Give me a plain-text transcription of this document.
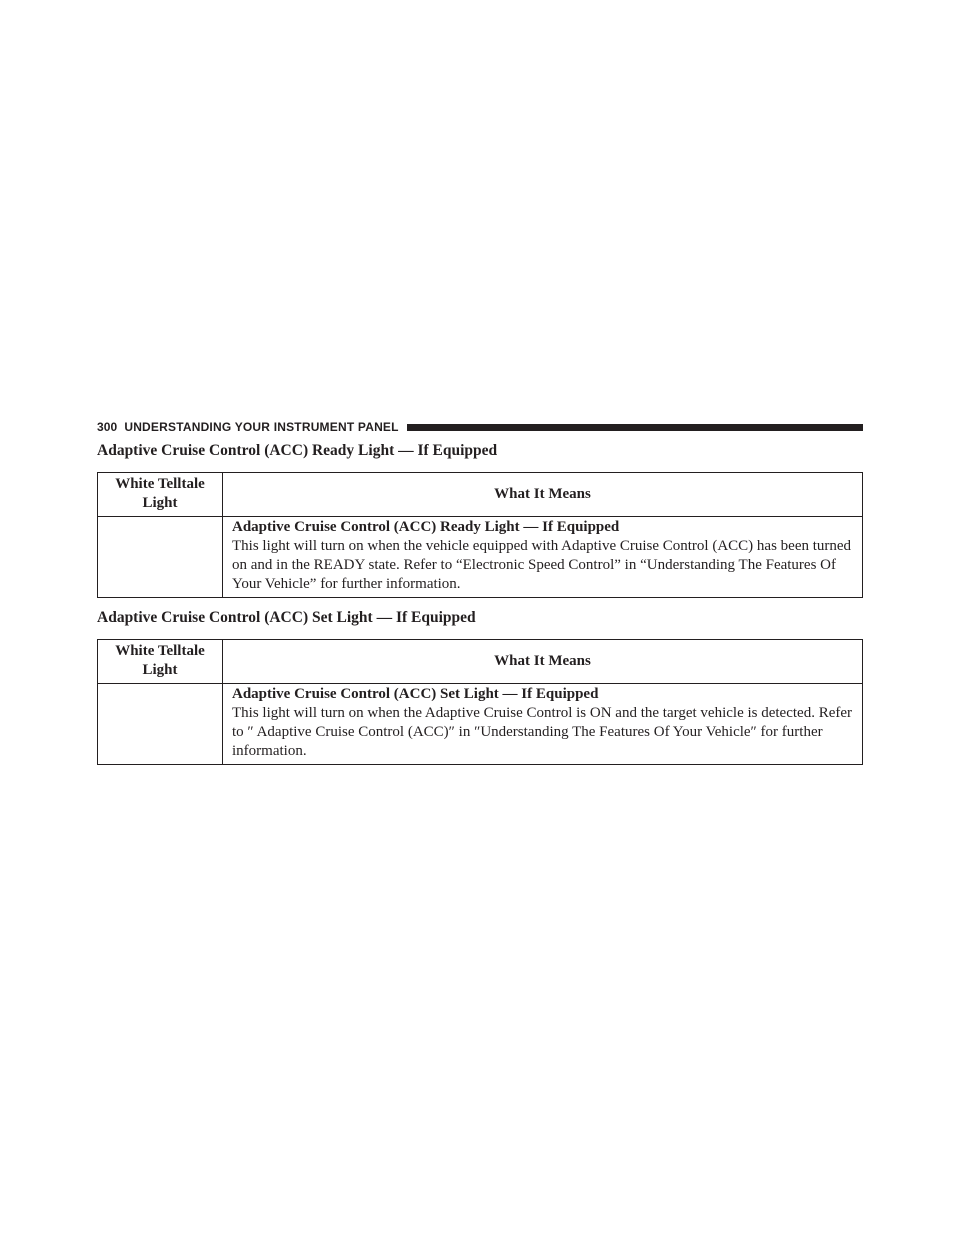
300 UNDERSTANDING YOUR INSTRUMENT PANEL
Adaptive Cruise Control (ACC) Ready Light — If Equipped
White Telltale Light	What It Means

	Adaptive Cruise Control (ACC) Ready Light — If Equipped
This light will turn on when the vehicle equipped with Adaptive Cruise Control (ACC) has been turned on and in the READY state. Refer to “Electronic Speed Control” in “Understanding The Features Of Your Vehicle” for further information.
Adaptive Cruise Control (ACC) Set Light — If Equipped
White Telltale Light	What It Means

	Adaptive Cruise Control (ACC) Set Light — If Equipped
This light will turn on when the Adaptive Cruise Control is ON and the target vehicle is detected. Refer to ″ Adaptive Cruise Control (ACC)″ in ″Understanding The Features Of Your Vehicle″ for further information.
